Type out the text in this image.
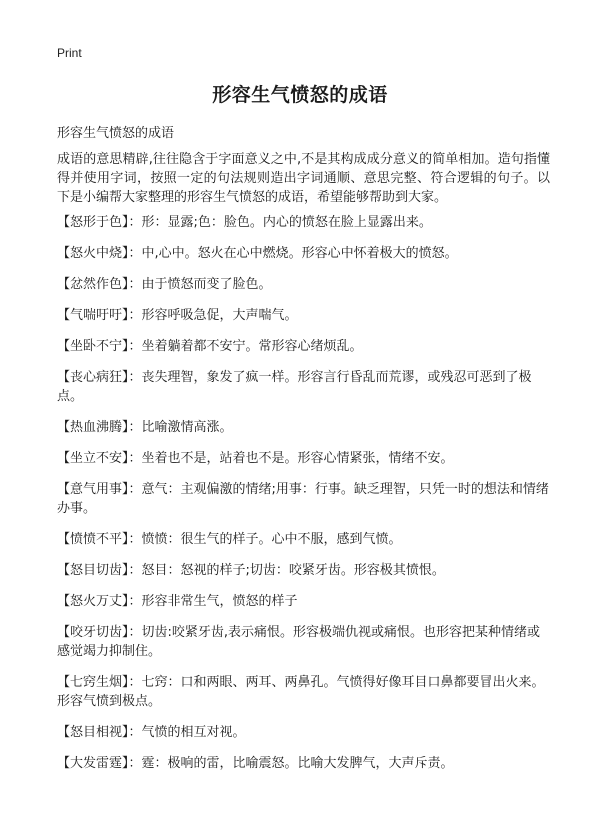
Print
形容生气愤怒的成语
形容生气愤怒的成语
成语的意思精辟,往往隐含于字面意义之中,不是其构成成分意义的简单相加。造句指懂得并使用字词，按照一定的句法规则造出字词通顺、意思完整、符合逻辑的句子。以下是小编帮大家整理的形容生气愤怒的成语，希望能够帮助到大家。
【怒形于色】：形：显露;色：脸色。内心的愤怒在脸上显露出来。
【怒火中烧】：中,心中。怒火在心中燃烧。形容心中怀着极大的愤怒。
【忿然作色】：由于愤怒而变了脸色。
【气喘吁吁】：形容呼吸急促，大声喘气。
【坐卧不宁】：坐着躺着都不安宁。常形容心绪烦乱。
【丧心病狂】：丧失理智，象发了疯一样。形容言行昏乱而荒谬，或残忍可恶到了极点。
【热血沸腾】：比喻激情高涨。
【坐立不安】：坐着也不是，站着也不是。形容心情紧张，情绪不安。
【意气用事】：意气：主观偏激的情绪;用事：行事。缺乏理智，只凭一时的想法和情绪办事。
【愤愤不平】：愤愤：很生气的样子。心中不服，感到气愤。
【怒目切齿】：怒目：怒视的样子;切齿：咬紧牙齿。形容极其愤恨。
【怒火万丈】：形容非常生气，愤怒的样子
【咬牙切齿】：切齿:咬紧牙齿,表示痛恨。形容极端仇视或痛恨。也形容把某种情绪或感觉竭力抑制住。
【七窍生烟】：七窍：口和两眼、两耳、两鼻孔。气愤得好像耳目口鼻都要冒出火来。形容气愤到极点。
【怒目相视】：气愤的相互对视。
【大发雷霆】：霆：极响的雷，比喻震怒。比喻大发脾气，大声斥责。
